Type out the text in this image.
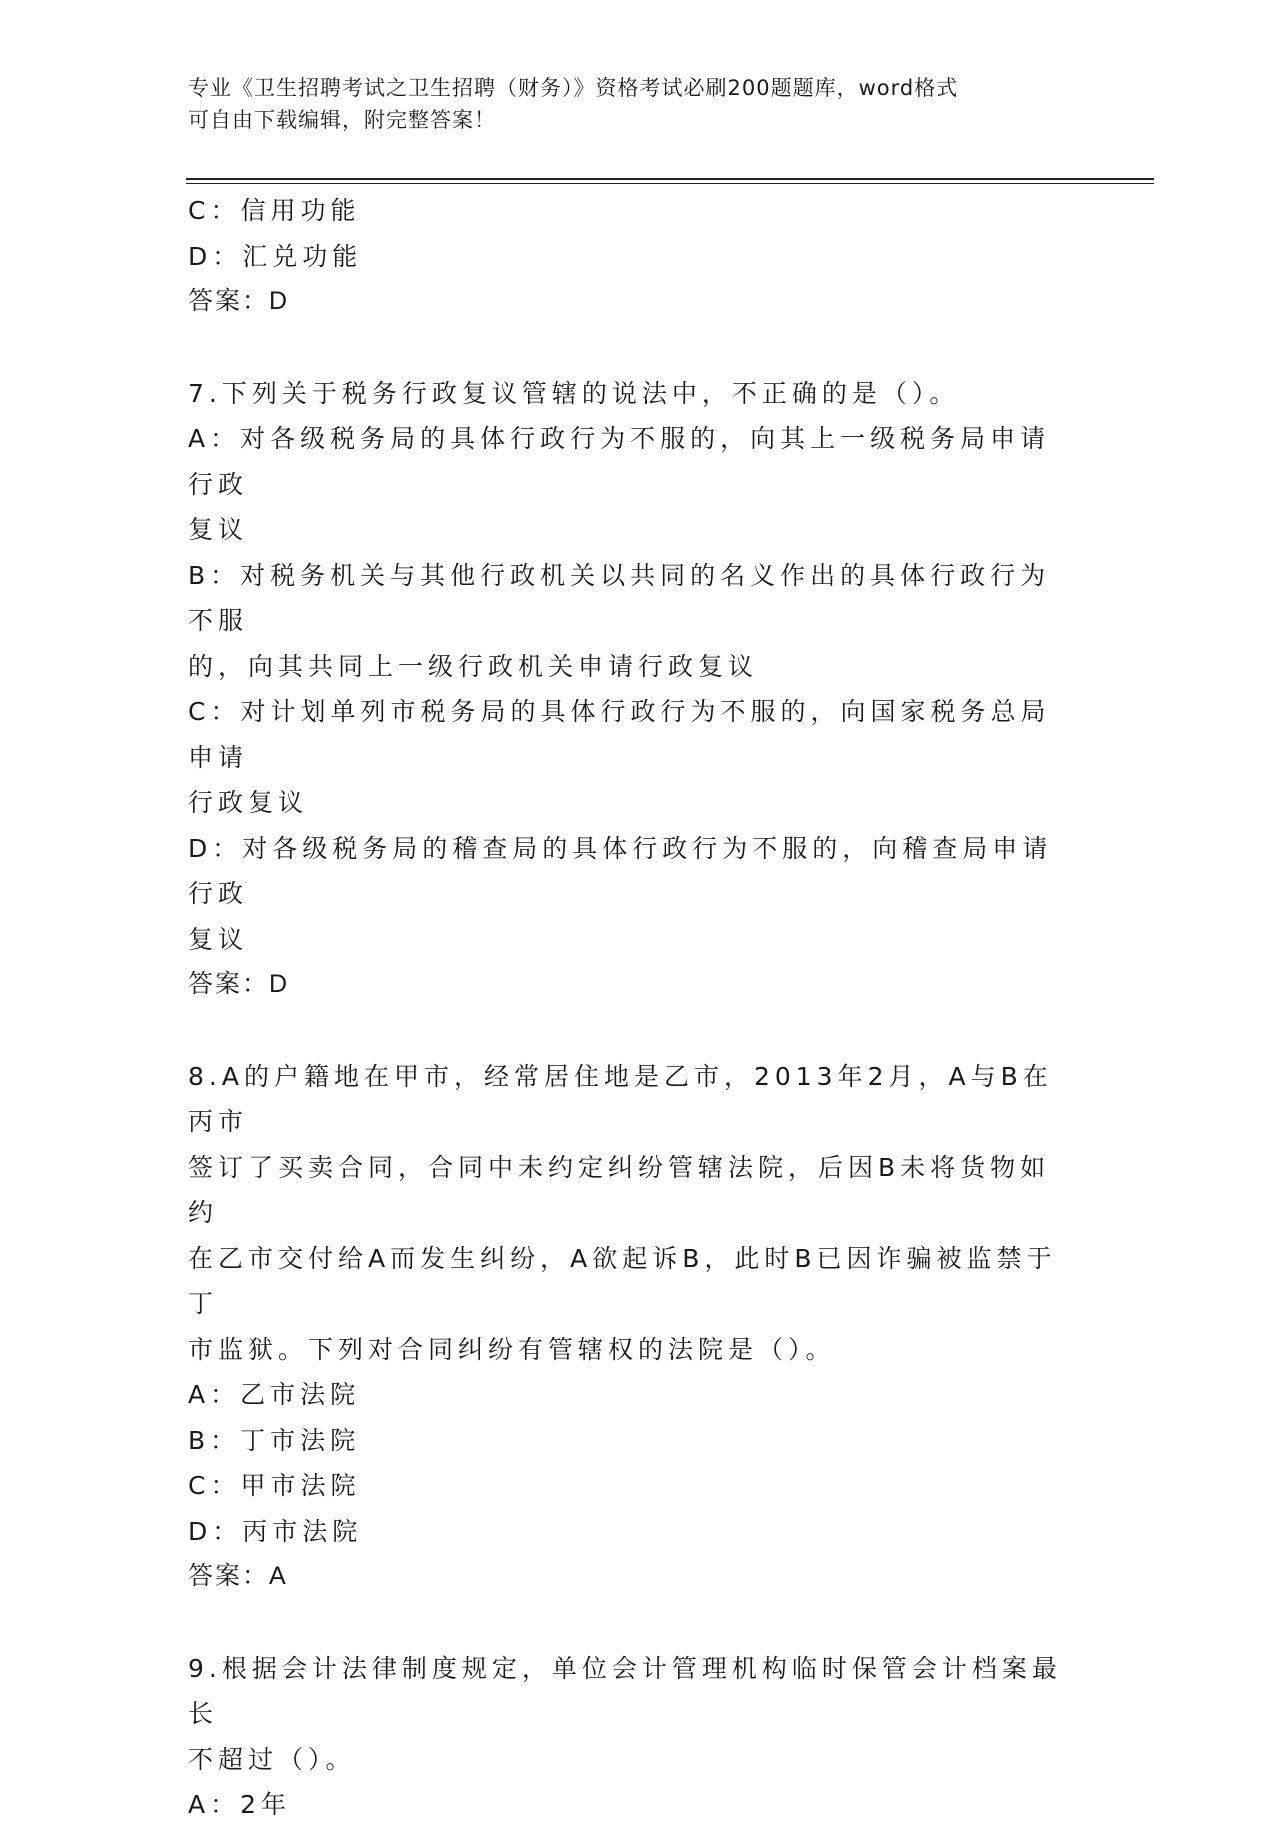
专业《卫生招聘考试之卫生招聘（财务）》资格考试必刷200题题库，word格式
可自由下载编辑，附完整答案！
C：信用功能
D：汇兑功能
答案：D
7.下列关于税务行政复议管辖的说法中，不正确的是（）。
A：对各级税务局的具体行政行为不服的，向其上一级税务局申请行政
复议
B：对税务机关与其他行政机关以共同的名义作出的具体行政行为不服
的，向其共同上一级行政机关申请行政复议
C：对计划单列市税务局的具体行政行为不服的，向国家税务总局申请
行政复议
D：对各级税务局的稽查局的具体行政行为不服的，向稽查局申请行政
复议
答案：D
8.A的户籍地在甲市，经常居住地是乙市，2013年2月，A与B在丙市
签订了买卖合同，合同中未约定纠纷管辖法院，后因B未将货物如约
在乙市交付给A而发生纠纷，A欲起诉B，此时B已因诈骗被监禁于丁
市监狱。下列对合同纠纷有管辖权的法院是（）。
A：乙市法院
B：丁市法院
C：甲市法院
D：丙市法院
答案：A
9.根据会计法律制度规定，单位会计管理机构临时保管会计档案最长
不超过（）。
A：2年
